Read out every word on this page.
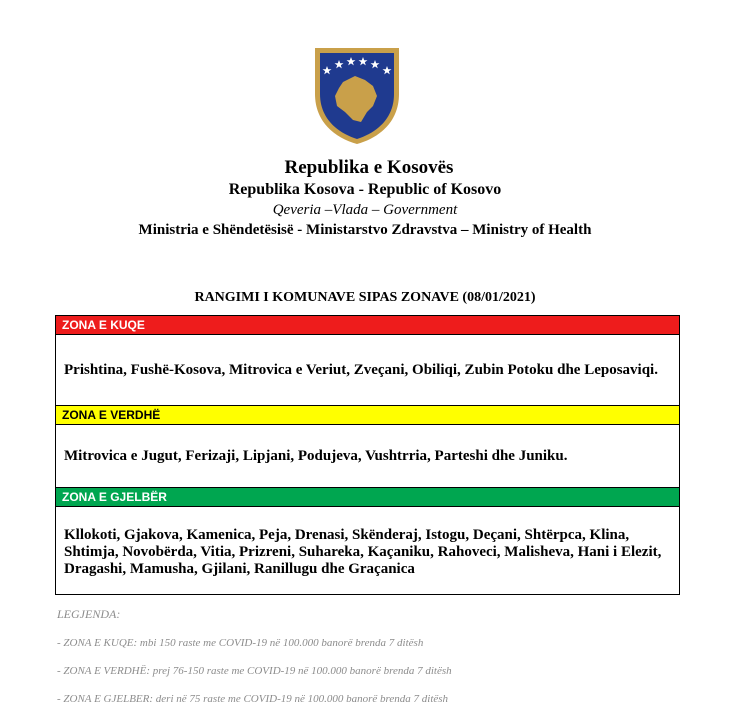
Republika e Kosovës
Republika Kosova - Republic of Kosovo
Qeveria –Vlada – Government
Ministria e Shëndetësisë - Ministarstvo Zdravstva – Ministry of Health
RANGIMI I KOMUNAVE SIPAS ZONAVE (08/01/2021)
ZONA E KUQE
Prishtina, Fushë-Kosova, Mitrovica e Veriut, Zveçani, Obiliqi, Zubin Potoku dhe Leposaviqi.
ZONA E VERDHË
Mitrovica e Jugut, Ferizaji, Lipjani, Podujeva, Vushtrria, Parteshi dhe Juniku.
ZONA E GJELBËR
Kllokoti, Gjakova, Kamenica, Peja, Drenasi, Skënderaj, Istogu, Deçani, Shtërpca, Klina, Shtimja, Novobërda, Vitia, Prizreni, Suhareka, Kaçaniku, Rahoveci, Malisheva, Hani i Elezit, Dragashi, Mamusha, Gjilani, Ranillugu dhe Graçanica
LEGJENDA:
- ZONA E KUQE: mbi 150 raste me COVID-19 në 100.000 banorë brenda 7 ditësh
- ZONA E VERDHË: prej 76-150 raste me COVID-19 në 100.000 banorë brenda 7 ditësh
- ZONA E GJELBER: deri në 75 raste me COVID-19 në 100.000 banorë brenda 7 ditësh
